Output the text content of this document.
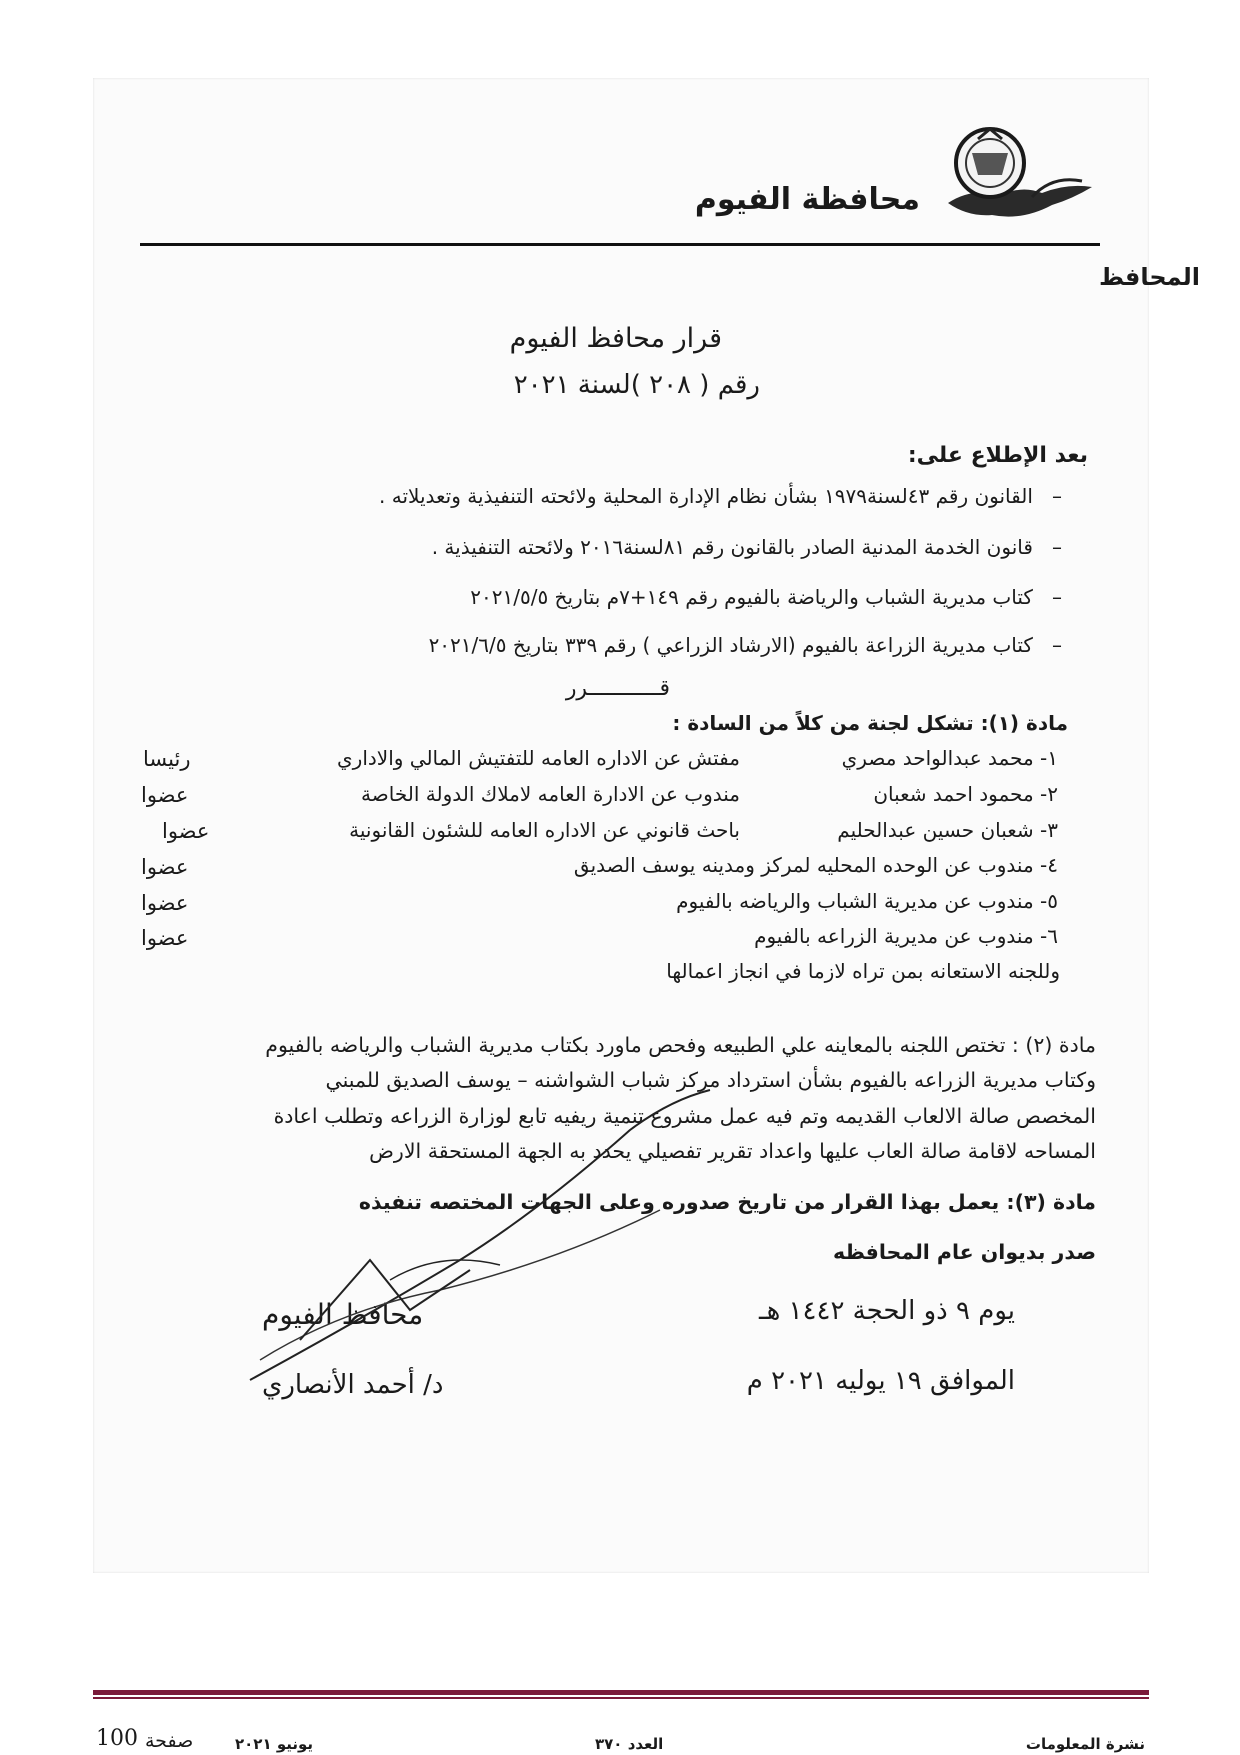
محافظة الفيوم
المحافظ
قرار محافظ الفيوم
رقم ( ٢٠٨ )لسنة ٢٠٢١
بعد الإطلاع على:
–   القانون رقم ٤٣لسنة١٩٧٩ بشأن نظام الإدارة المحلية ولائحته التنفيذية وتعديلاته .
–   قانون الخدمة المدنية الصادر بالقانون رقم ٨١لسنة٢٠١٦ ولائحته التنفيذية .
–   كتاب مديرية الشباب والرياضة بالفيوم رقم ١٤٩+٧م بتاريخ ٢٠٢١/٥/٥
–   كتاب مديرية الزراعة بالفيوم (الارشاد الزراعي ) رقم ٣٣٩ بتاريخ ٢٠٢١/٦/٥
قـــــــــــرر
مادة (١): تشكل لجنة من كلاً من السادة :
١- محمد عبدالواحد مصري
مفتش عن الاداره العامه للتفتيش المالي والاداري
رئيسا
٢- محمود احمد شعبان
مندوب عن الادارة العامه لاملاك الدولة الخاصة
عضوا
٣- شعبان حسين عبدالحليم
باحث قانوني عن الاداره العامه للشئون القانونية
عضوا
٤- مندوب عن الوحده المحليه لمركز ومدينه يوسف الصديق
عضوا
٥- مندوب عن مديرية الشباب والرياضه بالفيوم
عضوا
٦- مندوب عن مديرية الزراعه بالفيوم
عضوا
وللجنه الاستعانه بمن تراه لازما في انجاز اعمالها
مادة (٢) : تختص اللجنه بالمعاينه علي الطبيعه وفحص ماورد بكتاب مديرية الشباب والرياضه بالفيوم
وكتاب مديرية الزراعه بالفيوم بشأن استرداد مركز شباب الشواشنه – يوسف الصديق للمبني
المخصص صالة الالعاب القديمه وتم فيه عمل مشروع تنمية ريفيه تابع لوزارة الزراعه وتطلب اعادة
المساحه لاقامة صالة العاب عليها واعداد تقرير تفصيلي يحدد به الجهة المستحقة الارض
مادة (٣): يعمل بهذا القرار من تاريخ صدوره وعلى الجهات المختصه تنفيذه
صدر بديوان عام المحافظه
يوم ٩ ذو الحجة ١٤٤٢ هـ
الموافق ١٩ يوليه ٢٠٢١ م
محافظ الفيوم
د/ أحمد الأنصاري
نشرة المعلومات
العدد ٣٧٠
يونيو ٢٠٢١
صفحة
100
